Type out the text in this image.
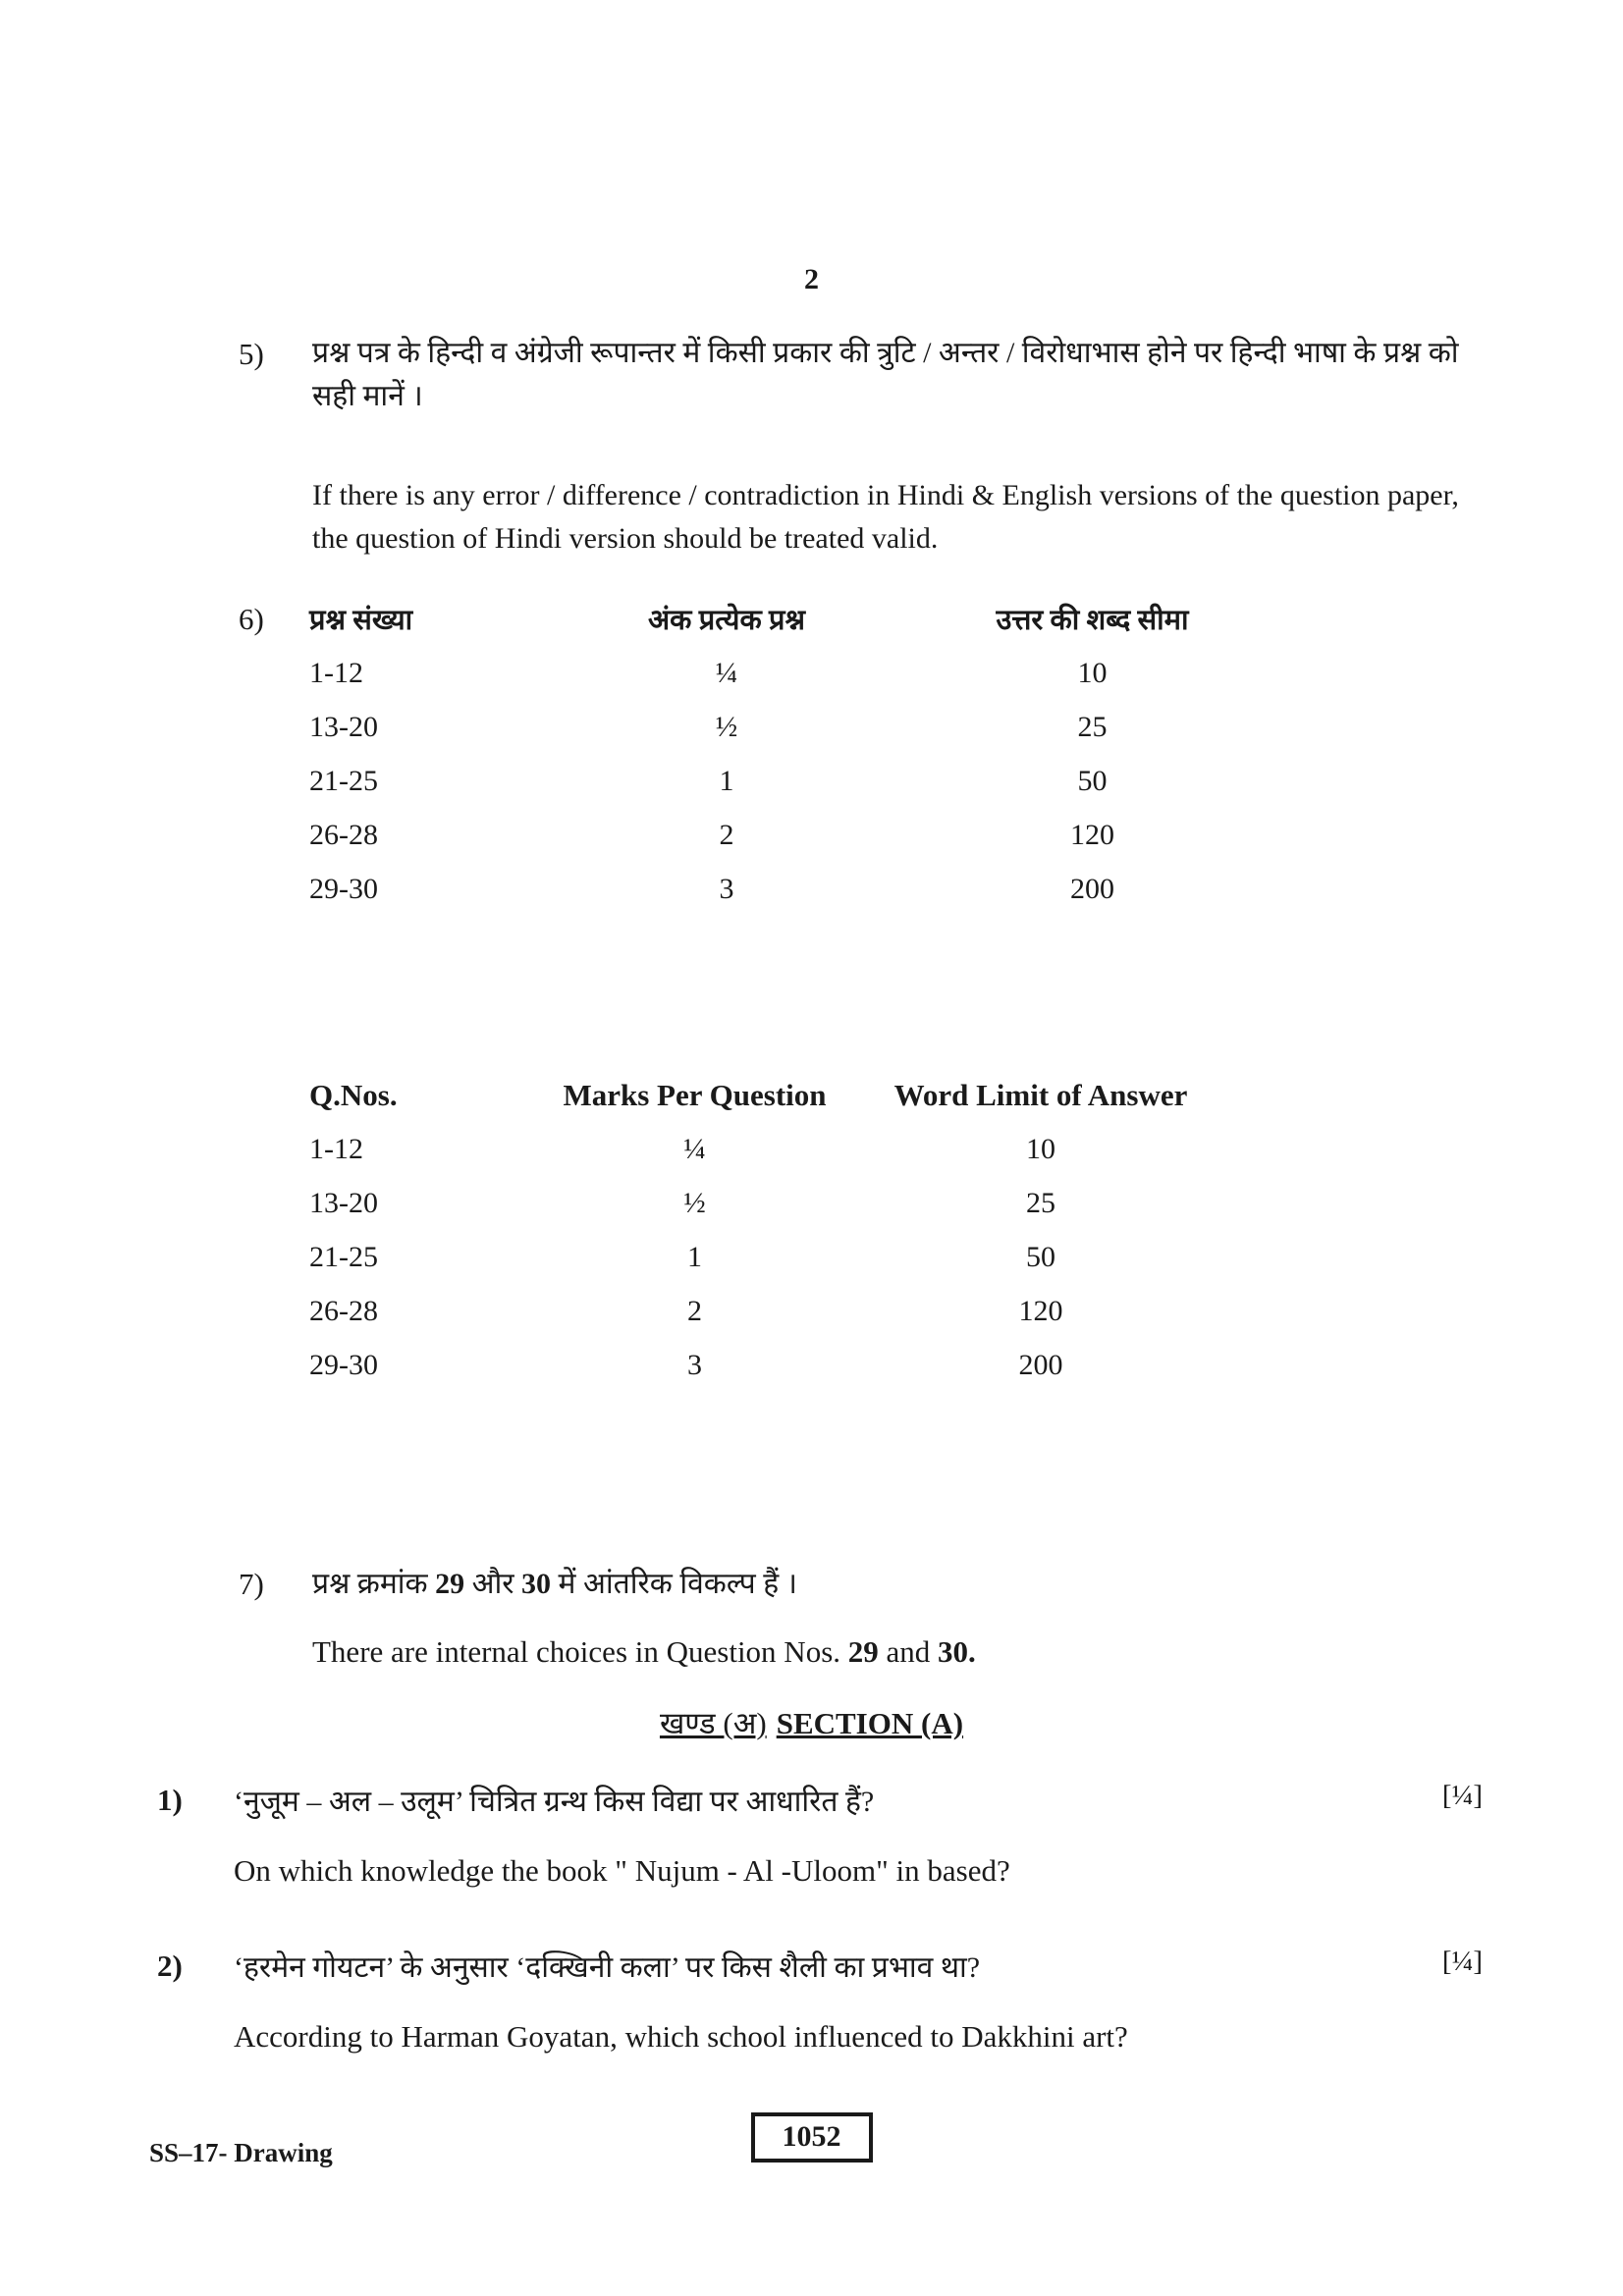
2
5) प्रश्न पत्र के हिन्दी व अंग्रेजी रूपान्तर में किसी प्रकार की त्रुटि / अन्तर / विरोधाभास होने पर हिन्दी भाषा के प्रश्न को सही मानें ।
If there is any error / difference / contradiction in Hindi & English versions of the question paper, the question of Hindi version should be treated valid.
6) प्रश्न संख्या	अंक प्रत्येक प्रश्न	उत्तर की शब्द सीमा
1-12	¼	10
13-20	½	25
21-25	1	50
26-28	2	120
29-30	3	200
Q.Nos.	Marks Per Question	Word Limit of Answer
1-12	¼	10
13-20	½	25
21-25	1	50
26-28	2	120
29-30	3	200
7) प्रश्न क्रमांक 29 और 30 में आंतरिक विकल्प हैं ।
There are internal choices in Question Nos. 29 and 30.
खण्ड (अ) SECTION (A)
1) ‘नुजूम – अल – उलूम’ चित्रित ग्रन्थ किस विद्या पर आधारित हैं?	[¼]
On which knowledge the book " Nujum - Al -Uloom" in based?
2) ‘हरमेन गोयटन’ के अनुसार ‘दक्खिनी कला’ पर किस शैली का प्रभाव था?	[¼]
According to Harman Goyatan, which school influenced to Dakkhini art?
SS–17- Drawing	1052
